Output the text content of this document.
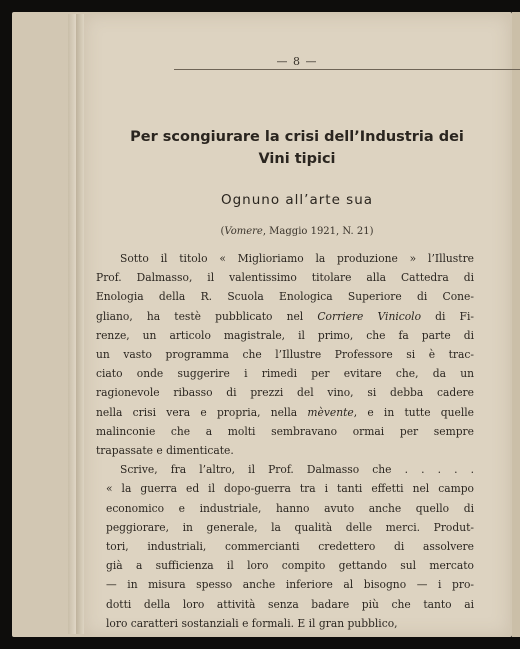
— 8 —
Per scongiurare la crisi dell’Industria dei
Vini tipici
Ognuno all’arte sua
(Vomere, Maggio 1921, N. 21)
Sotto il titolo « Miglioriamo la produzione » l’Illustre
Prof. Dalmasso, il valentissimo titolare alla Cattedra di
Enologia della R. Scuola Enologica Superiore di Cone-
gliano, ha testè pubblicato nel Corriere Vinicolo di Fi-
renze, un articolo magistrale, il primo, che fa parte di
un vasto programma che l’Illustre Professore si è trac-
ciato onde suggerire i rimedi per evitare che, da un
ragionevole ribasso di prezzi del vino, si debba cadere
nella crisi vera e propria, nella mèvente, e in tutte quelle
malinconie che a molti sembravano ormai per sempre
trapassate e dimenticate.
Scrive, fra l’altro, il Prof. Dalmasso che . . . . .
« la guerra ed il dopo-guerra tra i tanti effetti nel campo
economico e industriale, hanno avuto anche quello di
peggiorare, in generale, la qualità delle merci. Produt-
tori, industriali, commercianti credettero di assolvere
già a sufficienza il loro compito gettando sul mercato
— in misura spesso anche inferiore al bisogno — i pro-
dotti della loro attività senza badare più che tanto ai
loro caratteri sostanziali e formali. E il gran pubblico,
